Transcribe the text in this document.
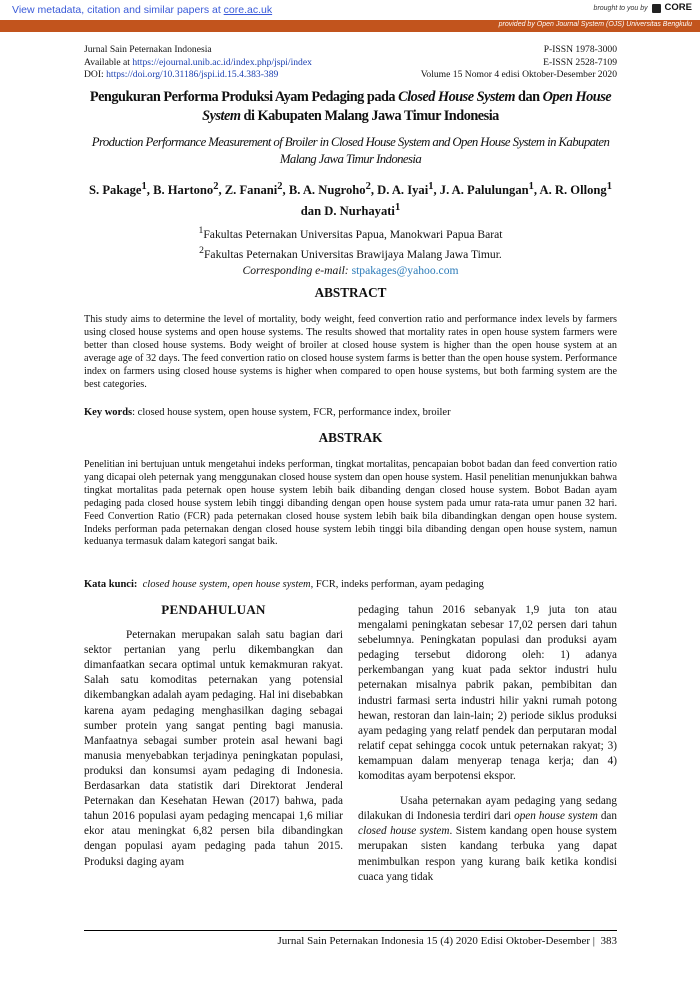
View metadata, citation and similar papers at core.ac.uk	brought to you by CORE
provided by Open Journal System (OJS) Universitas Bengkulu
Jurnal Sain Peternakan Indonesia
Available at https://ejournal.unib.ac.id/index.php/jspi/index
DOI: https://doi.org/10.31186/jspi.id.15.4.383-389
P-ISSN 1978-3000
E-ISSN 2528-7109
Volume 15 Nomor 4 edisi Oktober-Desember 2020
Pengukuran Performa Produksi Ayam Pedaging pada Closed House System dan Open House System di Kabupaten Malang Jawa Timur Indonesia
Production Performance Measurement of Broiler in Closed House System and Open House System in Kabupaten Malang Jawa Timur Indonesia
S. Pakage$^1$, B. Hartono$^2$, Z. Fanani$^2$, B. A. Nugroho$^2$, D. A. Iyai$^1$, J. A. Palulungan$^1$, A. R. Ollong$^1$ dan D. Nurhayati$^1$
$^1$Fakultas Peternakan Universitas Papua, Manokwari Papua Barat
$^2$Fakultas Peternakan Universitas Brawijaya Malang Jawa Timur.
Corresponding e-mail: stpakages@yahoo.com
ABSTRACT
This study aims to determine the level of mortality, body weight, feed convertion ratio and performance index levels by farmers using closed house systems and open house systems. The results showed that mortality rates in open house system farmers were better than closed house systems. Body weight of broiler at closed house system is higher than the open house system at an average age of 32 days. The feed convertion ratio on closed house system farms is better than the open house system. Performance index on farmers using closed house systems is higher when compared to open house systems, but both farming system are the best categories.
Key words: closed house system, open house system, FCR, performance index, broiler
ABSTRAK
Penelitian ini bertujuan untuk mengetahui indeks performan, tingkat mortalitas, pencapaian bobot badan dan feed convertion ratio yang dicapai oleh peternak yang menggunakan closed house system dan open house system. Hasil penelitian menunjukkan bahwa tingkat mortalitas pada peternak open house system lebih baik dibanding dengan closed house system. Bobot Badan ayam pedaging pada closed house system lebih tinggi dibanding dengan open house system pada umur rata-rata umur panen 32 hari. Feed Convertion Ratio (FCR) pada peternakan closed house system lebih baik bila dibandingkan dengan open house system. Indeks performan pada peternakan dengan closed house system lebih tinggi bila dibanding dengan open house system, namun keduanya termasuk dalam kategori sangat baik.
Kata kunci: closed house system, open house system, FCR, indeks performan, ayam pedaging

PENDAHULUAN

Peternakan merupakan salah satu bagian dari sektor pertanian yang perlu dikembangkan dan dimanfaatkan secara optimal untuk kemakmuran rakyat. Salah satu komoditas peternakan yang potensial dikembangkan adalah ayam pedaging. Hal ini disebabkan karena ayam pedaging menghasilkan daging sebagai sumber protein yang sangat penting bagi manusia. Manfaatnya sebagai sumber protein asal hewani bagi manusia menyebabkan terjadinya peningkatan populasi, produksi dan konsumsi ayam pedaging di Indonesia. Berdasarkan data statistik dari Direktorat Jenderal Peternakan dan Kesehatan Hewan (2017) bahwa, pada tahun 2016 populasi ayam pedaging mencapai 1,6 miliar ekor atau meningkat 6,82 persen bila dibandingkan dengan populasi ayam pedaging pada tahun 2015. Produksi daging ayam

pedaging tahun 2016 sebanyak 1,9 juta ton atau mengalami peningkatan sebesar 17,02 persen dari tahun sebelumnya. Peningkatan populasi dan produksi ayam pedaging tersebut didorong oleh: 1) adanya perkembangan yang kuat pada sektor industri hulu peternakan misalnya pabrik pakan, pembibitan dan industri farmasi serta industri hilir yakni rumah potong hewan, restoran dan lain-lain; 2) periode siklus produksi ayam pedaging yang relatf pendek dan perputaran modal relatif cepat sehingga cocok untuk peternakan rakyat; 3) kemampuan dalam menyerap tenaga kerja; dan 4) komoditas ayam berpotensi ekspor.

Usaha peternakan ayam pedaging yang sedang dilakukan di Indonesia terdiri dari open house system dan closed house system. Sistem kandang open house system merupakan sisten kandang terbuka yang dapat menimbulkan respon yang kurang baik ketika kondisi cuaca yang tidak

Jurnal Sain Peternakan Indonesia 15 (4) 2020 Edisi Oktober-Desember | 383
